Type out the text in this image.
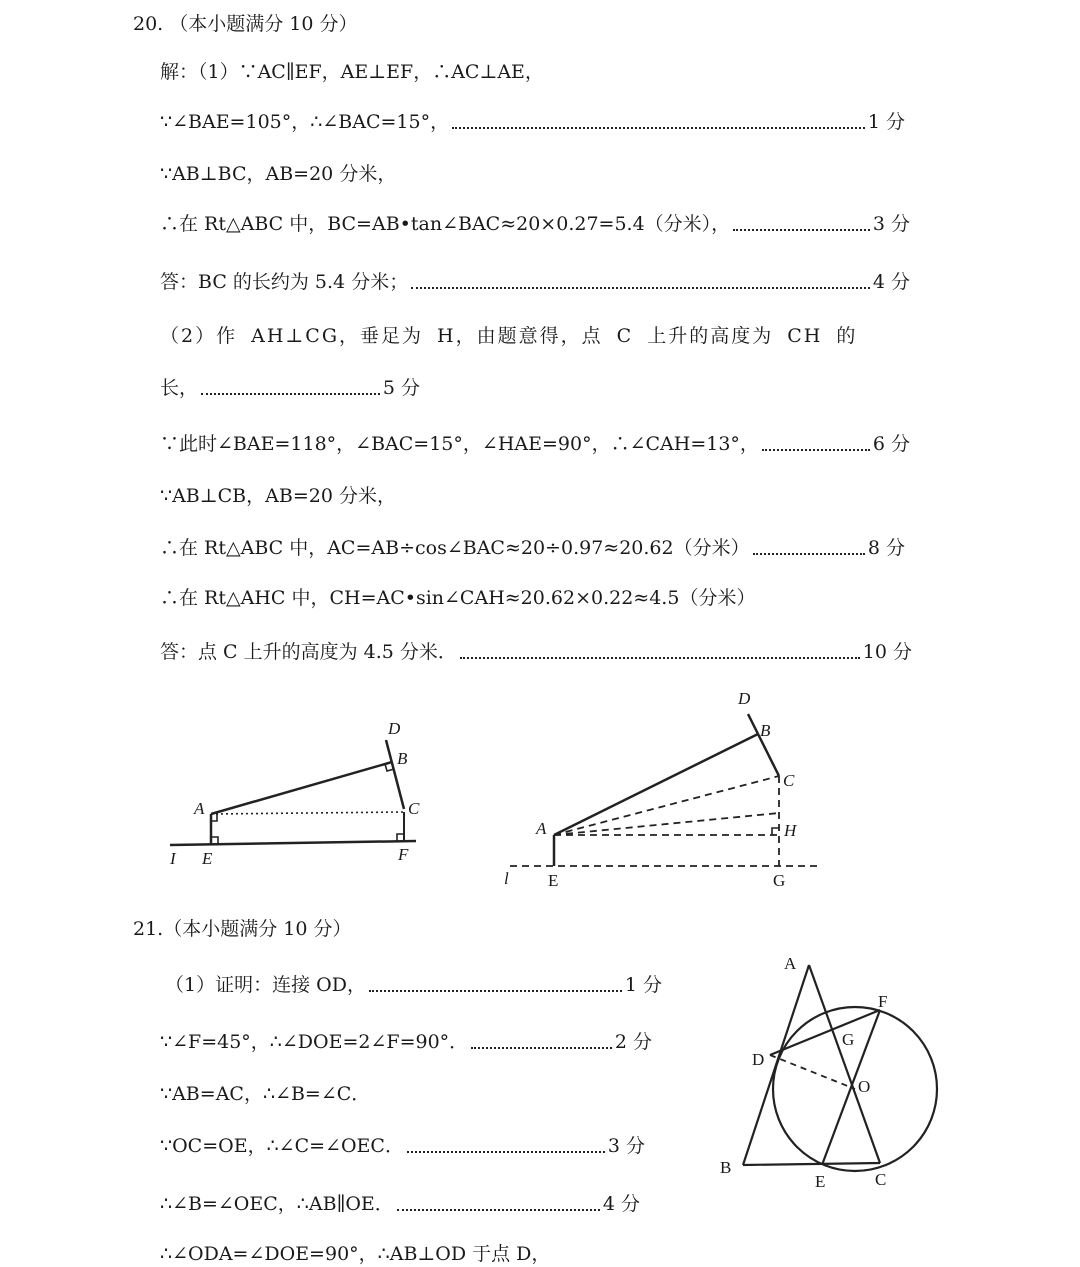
20. （本小题满分 10 分）
解：（1）∵AC∥EF，AE⊥EF，∴AC⊥AE，
∵∠BAE=105°，∴∠BAC=15°，	1 分
∵AB⊥BC，AB=20 分米，
∴在 Rt△ABC 中，BC=AB•tan∠BAC≈20×0.27=5.4（分米），	3 分
答：BC 的长约为 5.4 分米；	4 分
（2）作 AH⊥CG，垂足为 H，由题意得，点 C 上升的高度为 CH 的
长，	5 分
∵此时∠BAE=118°，∠BAC=15°，∠HAE=90°，∴∠CAH=13°，	6 分
∵AB⊥CB，AB=20 分米，
∴在 Rt△ABC 中，AC=AB÷cos∠BAC≈20÷0.97≈20.62（分米）	8 分
∴在 Rt△AHC 中，CH=AC•sin∠CAH≈20.62×0.22≈4.5（分米）
答：点 C 上升的高度为 4.5 分米．	10 分
D
B
A	C
I E	F
D
B
C
A	H
l E	G
21.（本小题满分 10 分）
（1）证明：连接 OD，	1 分
∵∠F=45°，∴∠DOE=2∠F=90°．	2 分
∵AB=AC，∴∠B=∠C．
∵OC=OE，∴∠C=∠OEC．	3 分
∴∠B=∠OEC，∴AB∥OE．	4 分
∴∠ODA=∠DOE=90°，∴AB⊥OD 于点 D，
A
F
G
D
O
B
E	C
